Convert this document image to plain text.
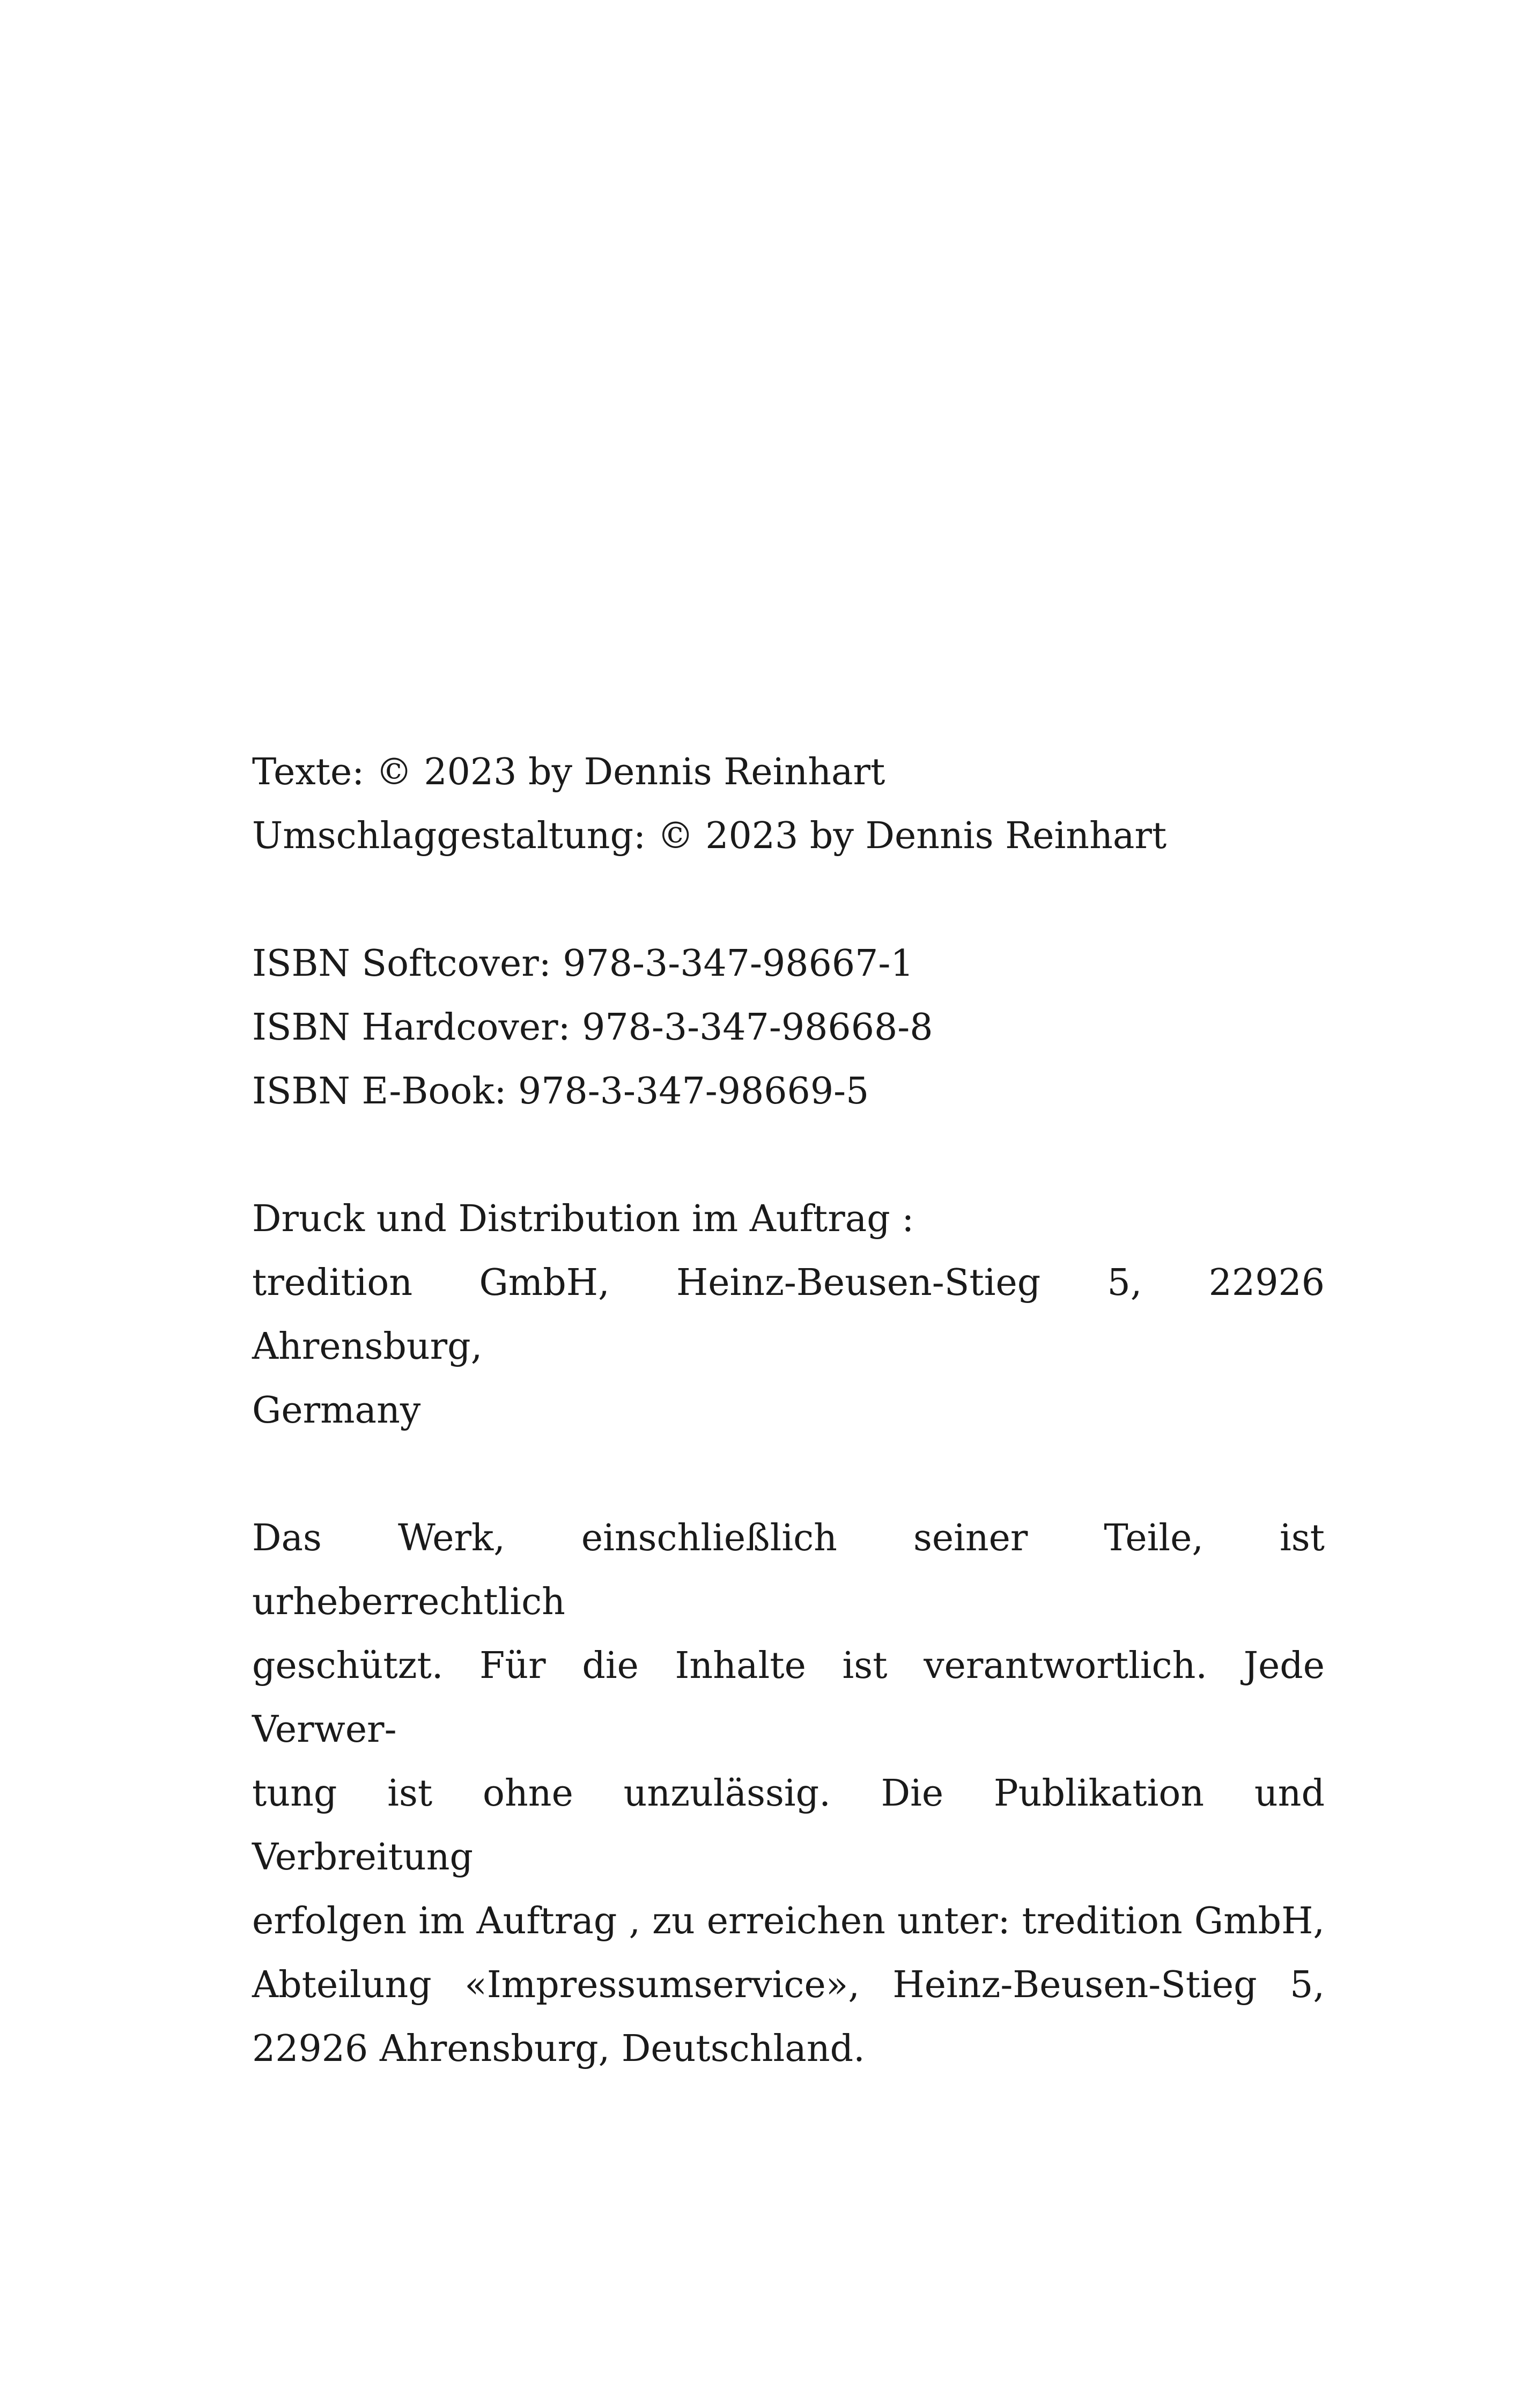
Texte: © 2023 by Dennis Reinhart
Umschlaggestaltung: © 2023 by Dennis Reinhart
ISBN Softcover: 978-3-347-98667-1
ISBN Hardcover: 978-3-347-98668-8
ISBN E-Book: 978-3-347-98669-5
Druck und Distribution im Auftrag :
tredition GmbH, Heinz-Beusen-Stieg 5, 22926 Ahrensburg,
Germany
Das Werk, einschließlich seiner Teile, ist urheberrechtlich
geschützt. Für die Inhalte ist verantwortlich. Jede Verwer-
tung ist ohne unzulässig. Die Publikation und Verbreitung
erfolgen im Auftrag , zu erreichen unter: tredition GmbH,
Abteilung «Impressumservice», Heinz-Beusen-Stieg 5,
22926 Ahrensburg, Deutschland.
